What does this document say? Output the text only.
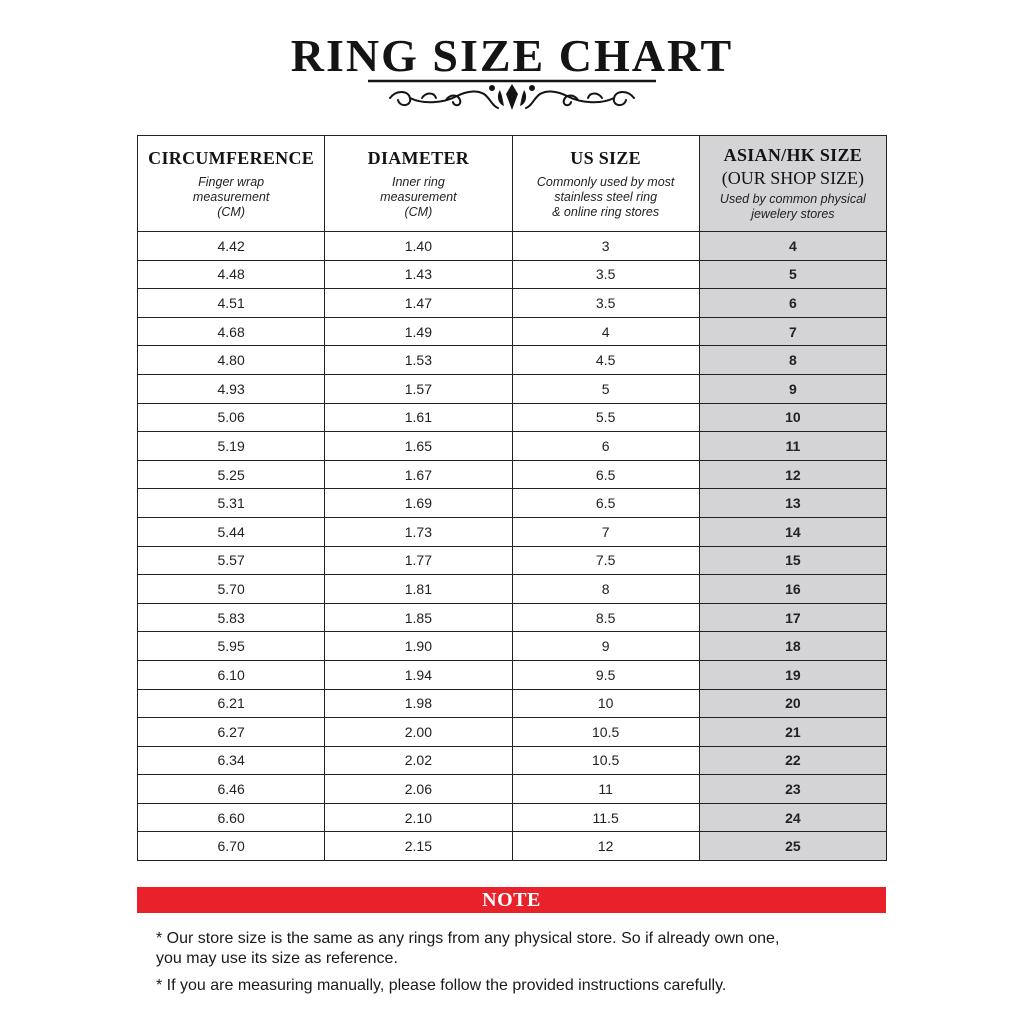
RING SIZE CHART
CIRCUMFERENCE
Finger wrap
measurement
(CM)	DIAMETER
Inner ring
measurement
(CM)	US SIZE
Commonly used by most
stainless steel ring
& online ring stores	ASIAN/HK SIZE
(OUR SHOP SIZE)
Used by common physical
jewelery stores

4.42	1.40	3	4
4.48	1.43	3.5	5
4.51	1.47	3.5	6
4.68	1.49	4	7
4.80	1.53	4.5	8
4.93	1.57	5	9
5.06	1.61	5.5	10
5.19	1.65	6	11
5.25	1.67	6.5	12
5.31	1.69	6.5	13
5.44	1.73	7	14
5.57	1.77	7.5	15
5.70	1.81	8	16
5.83	1.85	8.5	17
5.95	1.90	9	18
6.10	1.94	9.5	19
6.21	1.98	10	20
6.27	2.00	10.5	21
6.34	2.02	10.5	22
6.46	2.06	11	23
6.60	2.10	11.5	24
6.70	2.15	12	25
NOTE

* Our store size is the same as any rings from any physical store. So if already own one,
you may use its size as reference.

* If you are measuring manually, please follow the provided instructions carefully.
